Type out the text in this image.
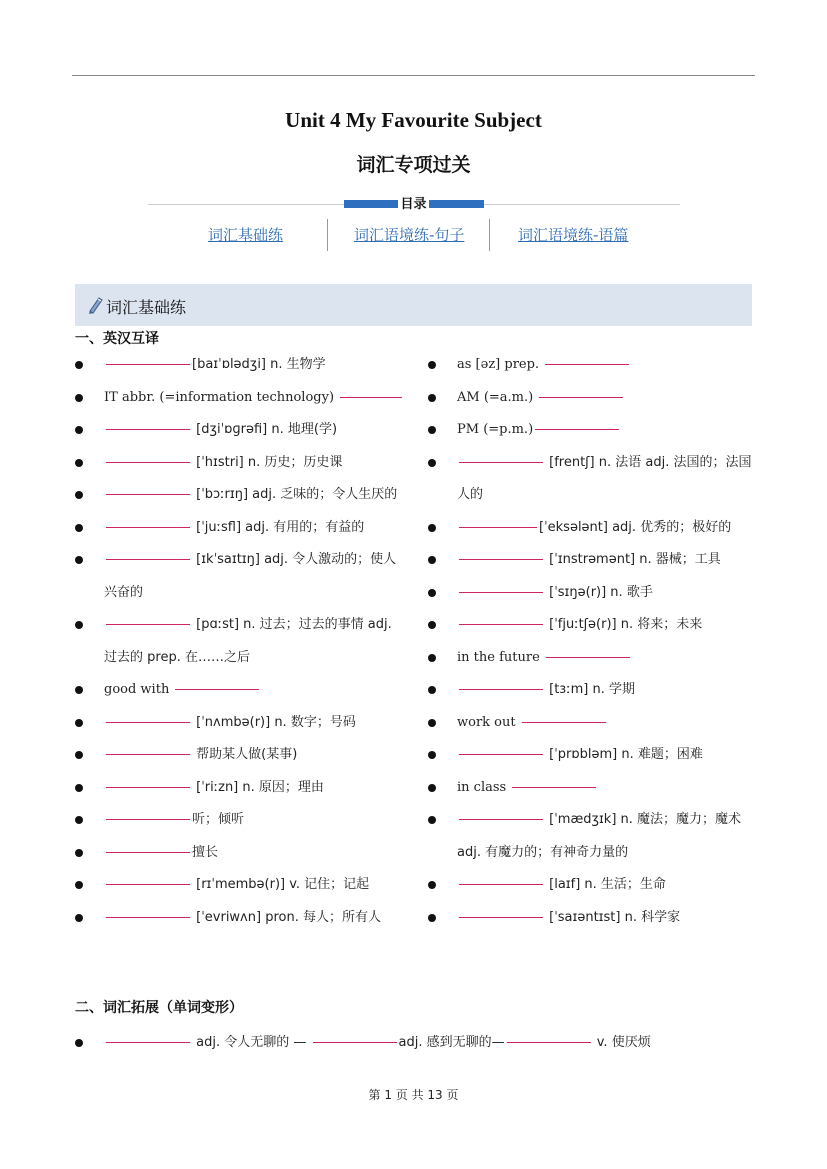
Unit 4 My Favourite Subject
词汇专项过关
目录
词汇基础练	词汇语境练-句子	词汇语境练-语篇
词汇基础练
一、英汉互译
[baɪˈɒlədʒi] n. 生物学
IT abbr. (=information technology)
[dʒiˈɒɡrəfi] n. 地理(学)
[ˈhɪstri] n. 历史；历史课
[ˈbɔːrɪŋ] adj. 乏味的；令人生厌的
[ˈjuːsfl] adj. 有用的；有益的
[ɪkˈsaɪtɪŋ] adj. 令人激动的；使人兴奋的
[pɑːst] n. 过去；过去的事情 adj. 过去的 prep. 在……之后
good with
[ˈnʌmbə(r)] n. 数字；号码
帮助某人做(某事)
[ˈriːzn] n. 原因；理由
听；倾听
擅长
[rɪˈmembə(r)] v. 记住；记起
[ˈevriwʌn] pron. 每人；所有人
as [əz] prep.
AM (=a.m.)
PM (=p.m.)
[frentʃ] n. 法语 adj. 法国的；法国人的
[ˈeksələnt] adj. 优秀的；极好的
[ˈɪnstrəmənt] n. 器械；工具
[ˈsɪŋə(r)] n. 歌手
[ˈfjuːtʃə(r)] n. 将来；未来
in the future
[tɜːm] n. 学期
work out
[ˈprɒbləm] n. 难题；困难
in class
[ˈmædʒɪk] n. 魔法；魔力；魔术 adj. 有魔力的；有神奇力量的
[laɪf] n. 生活；生命
[ˈsaɪəntɪst] n. 科学家
二、词汇拓展（单词变形）
adj. 令人无聊的 —	adj. 感到无聊的—	v. 使厌烦
第 1 页 共 13 页
